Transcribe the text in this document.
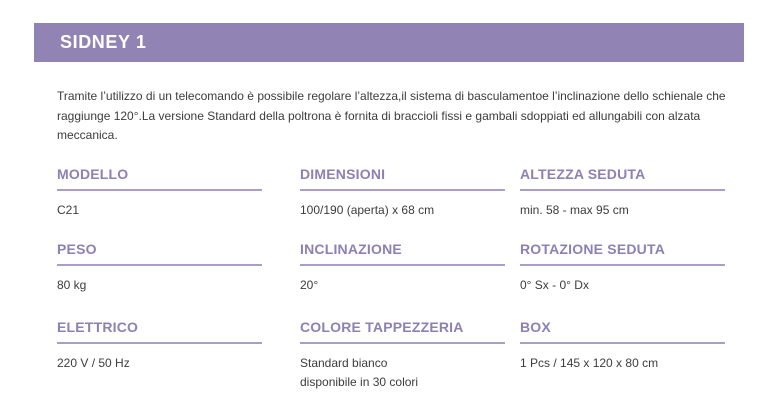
SIDNEY 1

Tramite l’utilizzo di un telecomando è possibile regolare l’altezza,il sistema di basculamentoe l’inclinazione dello schienale che raggiunge 120°.La versione Standard della poltrona è fornita di braccioli fissi e gambali sdoppiati ed allungabili con alzata meccanica.

MODELLO
C21
DIMENSIONI
100/190 (aperta) x 68 cm
ALTEZZA SEDUTA
min. 58 - max 95 cm
PESO
80 kg
INCLINAZIONE
20°
ROTAZIONE SEDUTA
0° Sx - 0° Dx
ELETTRICO
220 V / 50 Hz
COLORE TAPPEZZERIA
Standard bianco
disponibile in 30 colori
BOX
1 Pcs / 145 x 120 x 80 cm
